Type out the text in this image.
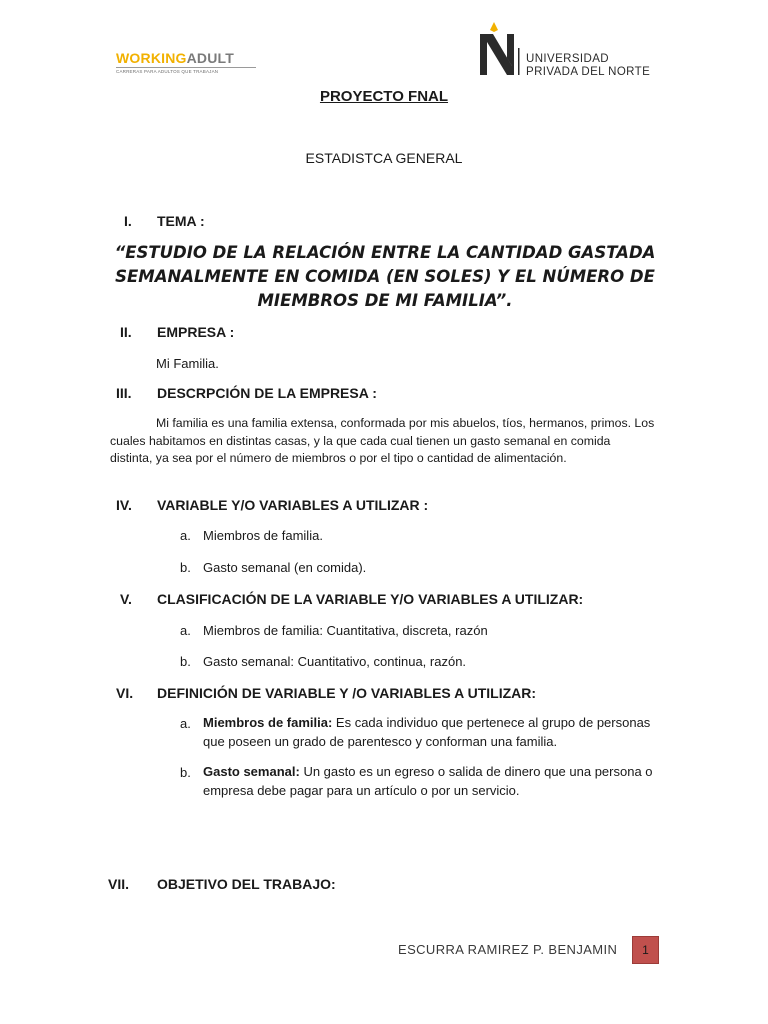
WORKINGADULT
CARRERAS PARA ADULTOS QUE TRABAJAN
UNIVERSIDAD
PRIVADA DEL NORTE
PROYECTO FNAL
ESTADISTCA GENERAL
I. TEMA :
“ESTUDIO DE LA RELACIÓN ENTRE LA CANTIDAD GASTADA SEMANALMENTE EN COMIDA (EN SOLES) Y EL NÚMERO DE MIEMBROS DE MI FAMILIA”.
II. EMPRESA :
Mi Familia.
III. DESCRPCIÓN DE LA EMPRESA :
Mi familia es una familia extensa, conformada por mis abuelos, tíos, hermanos, primos. Los cuales habitamos en distintas casas, y la que cada cual tienen un gasto semanal en comida distinta, ya sea por el número de miembros o por el tipo o cantidad de alimentación.
IV. VARIABLE Y/O VARIABLES A UTILIZAR :
a. Miembros de familia.
b. Gasto semanal (en comida).
V. CLASIFICACIÓN DE LA VARIABLE Y/O VARIABLES A UTILIZAR:
a. Miembros de familia: Cuantitativa, discreta, razón
b. Gasto semanal: Cuantitativo, continua, razón.
VI. DEFINICIÓN DE VARIABLE Y /O VARIABLES A UTILIZAR:
a. Miembros de familia: Es cada individuo que pertenece al grupo de personas que poseen un grado de parentesco y conforman una familia.
b. Gasto semanal: Un gasto es un egreso o salida de dinero que una persona o empresa debe pagar para un artículo o por un servicio.
VII. OBJETIVO DEL TRABAJO:
ESCURRA RAMIREZ P. BENJAMIN	1
